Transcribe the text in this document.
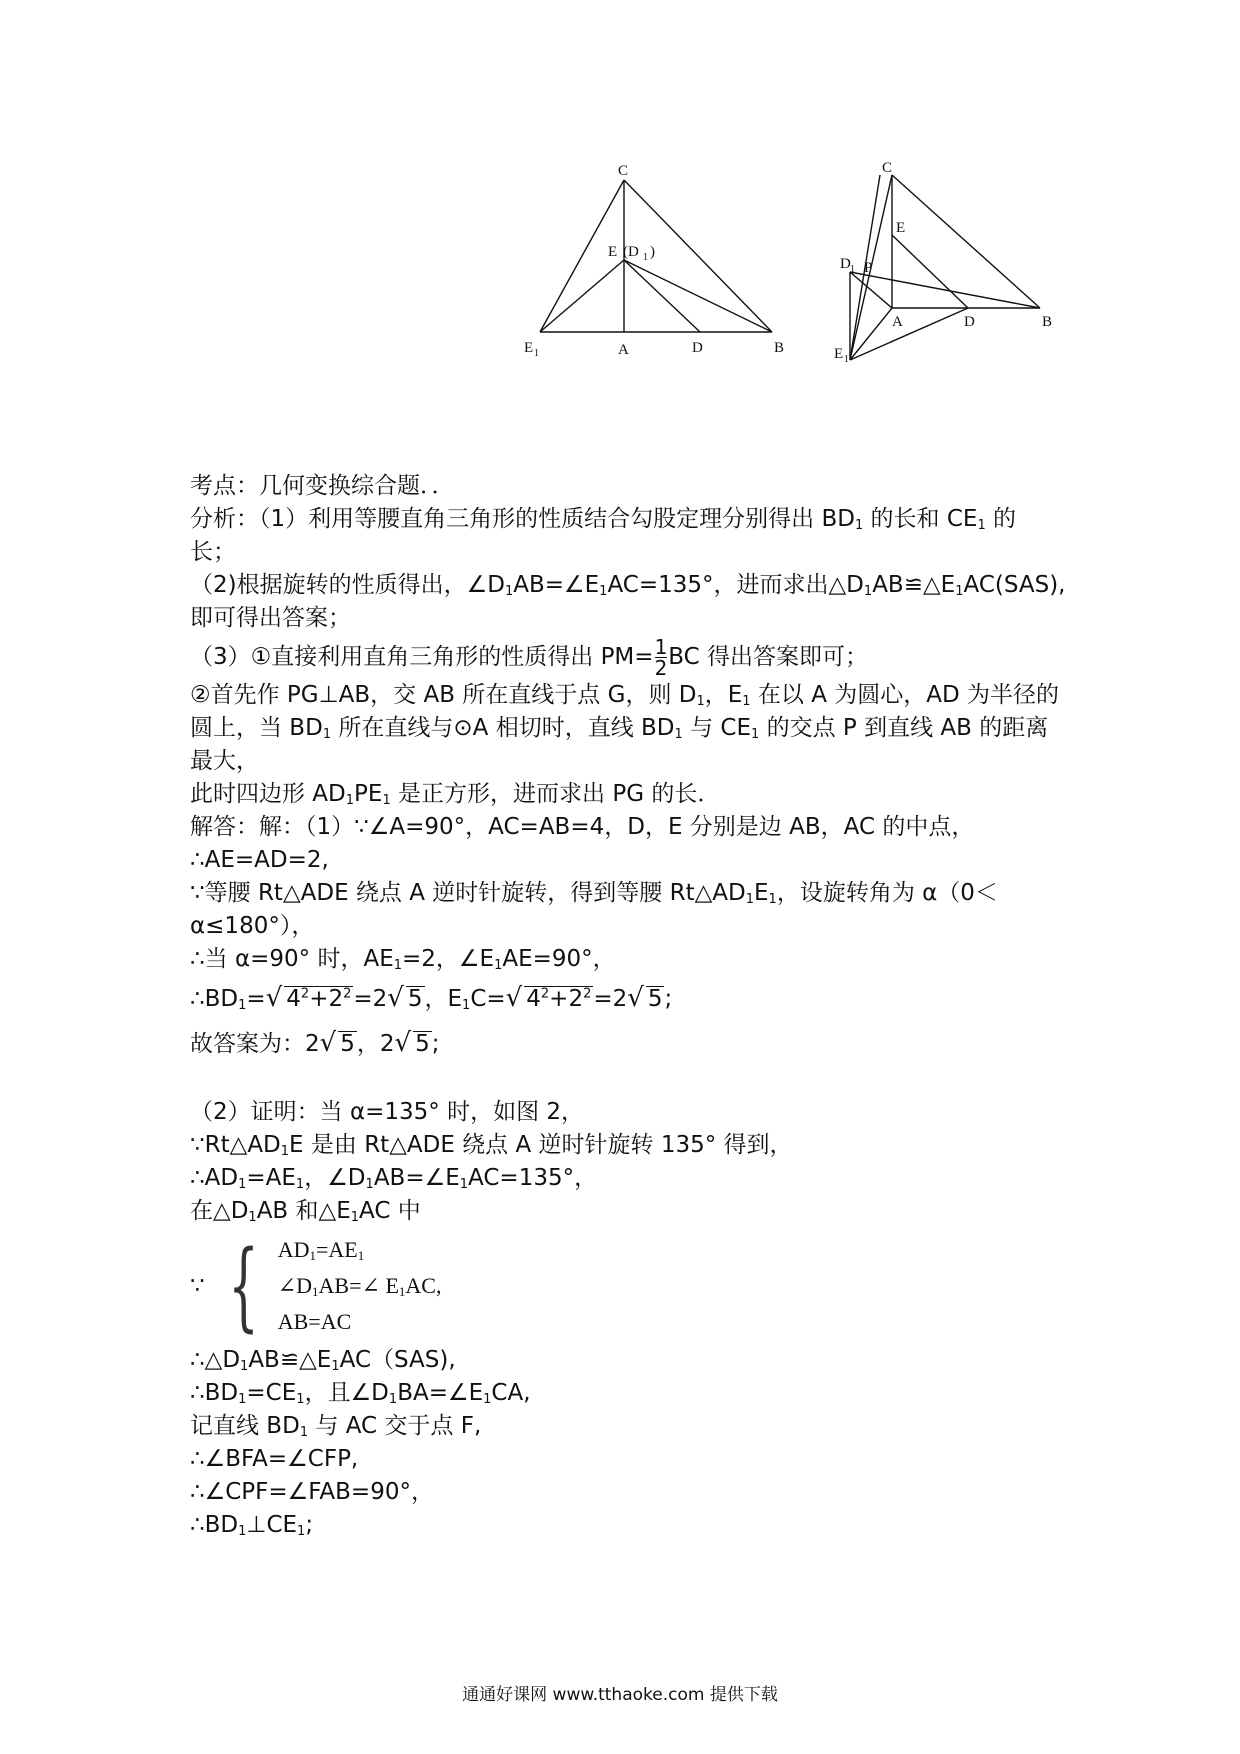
C
E (D 1 )
E 1	A	D	B
C
E
D 1 P
A	D	B
E 1
考点：几何变换综合题．．
分析：（1）利用等腰直角三角形的性质结合勾股定理分别得出 $BD_1$ 的长和 $CE_1$ 的
长；
（2)根据旋转的性质得出，$\angle D_1AB=\angle E_1AC=135^\circ$，进而求出$\triangle D_1AB≌\triangle E_1AC(SAS)$,
即可得出答案；
（3）①直接利用直角三角形的性质得出 $PM= \frac{1}{2}$ BC 得出答案即可；
②首先作 PG⊥AB，交 AB 所在直线于点 G，则 $D_1$，$E_1$ 在以 A 为圆心，AD 为半径的
圆上，当 $BD_1$ 所在直线与⊙A 相切时，直线 $BD_1$ 与 $CE_1$ 的交点 P 到直线 AB 的距离
最大，
此时四边形 $AD_1PE_1$ 是正方形，进而求出 PG 的长．
解答：解：（1）∵∠A=90°，AC=AB=4，D，E 分别是边 AB，AC 的中点，
∴AE=AD=2,
∵等腰 Rt△ADE 绕点 A 逆时针旋转，得到等腰 $Rt\triangle AD_1E_1$，设旋转角为 α（0＜
α≤180°），
∴当 α=90° 时，$AE_1=2$，$\angle E_1AE=90^\circ$，
$\therefore BD_1=√$ $4^2+2^2=2√$ 5，$E_1C=√$ $4^2+2^2=2√$ 5;
故答案为：2√ 5，2√ 5;
（2）证明：当 α=135° 时，如图 2，
$\because Rt\triangle AD_1E$ 是由 Rt△ADE 绕点 A 逆时针旋转 135° 得到，
$\therefore AD_1=AE_1$，$\angle D_1AB=\angle E_1AC=135^\circ$，
在$\triangle D_1AB$ 和$\triangle E_1AC$ 中
∵ { $AD_1=AE_1$
$\angle D_1AB=\angle$ $E_1AC$,
AB=AC
$\therefore\triangle D_1AB≌\triangle E_1AC(SAS)$,
$\therefore BD_1=CE_1$，且$\angle D_1BA=\angle E_1CA$,
记直线 $BD_1$ 与 AC 交于点 F,
∴∠BFA=∠CFP,
∴∠CPF=∠FAB=90°，
$\therefore BD_1\perp CE_1$;
通通好课网 www.tthaoke.com 提供下载
